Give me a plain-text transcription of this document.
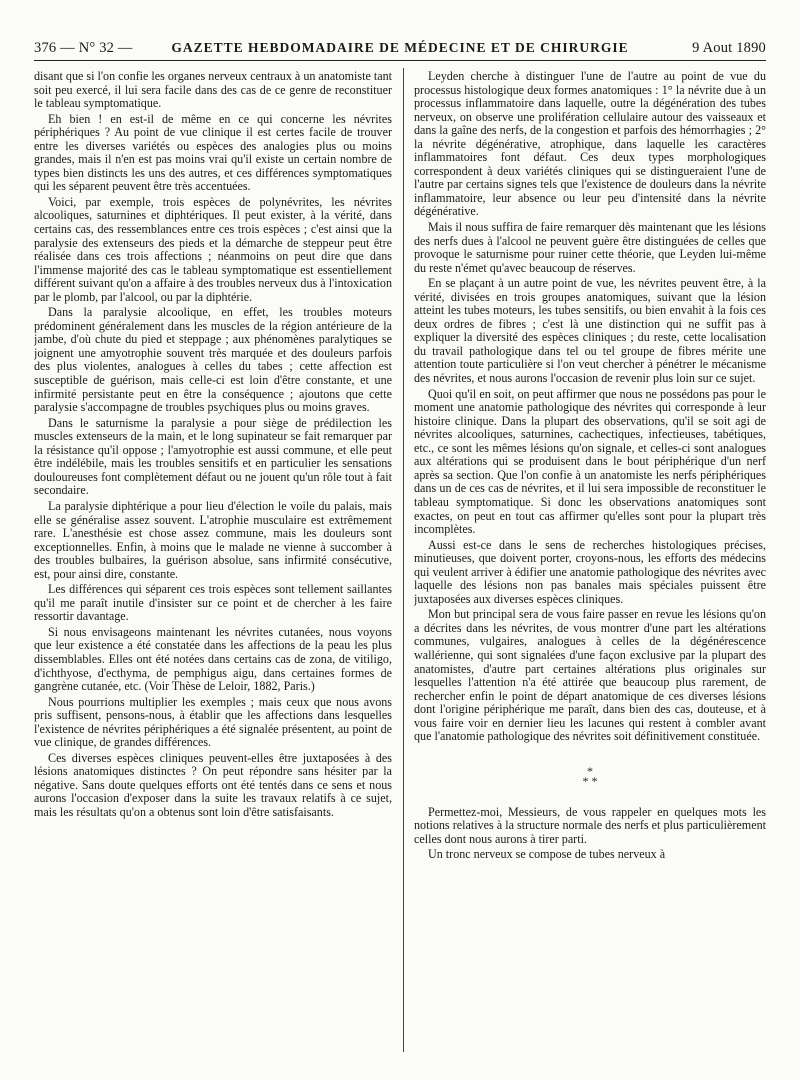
376 — N° 32 —	GAZETTE HEBDOMADAIRE DE MÉDECINE ET DE CHIRURGIE	9 Aout 1890

disant que si l'on confie les organes nerveux centraux à un anatomiste tant soit peu exercé, il lui sera facile dans des cas de ce genre de reconstituer le tableau symptomatique.

Eh bien ! en est-il de même en ce qui concerne les névrites périphériques ? Au point de vue clinique il est certes facile de trouver entre les diverses variétés ou espèces des analogies plus ou moins grandes, mais il n'en est pas moins vrai qu'il existe un certain nombre de types bien distincts les uns des autres, et ces différences symptomatiques qui les séparent peuvent être très accentuées.

Voici, par exemple, trois espèces de polynévrites, les névrites alcooliques, saturnines et diphtériques. Il peut exister, à la vérité, dans certains cas, des ressemblances entre ces trois espèces ; c'est ainsi que la paralysie des extenseurs des pieds et la démarche de steppeur peut être réalisée dans ces trois affections ; néanmoins on peut dire que dans l'immense majorité des cas le tableau symptomatique est essentiellement différent suivant qu'on a affaire à des troubles nerveux dus à l'intoxication par le plomb, par l'alcool, ou par la diphtérie.

Dans la paralysie alcoolique, en effet, les troubles moteurs prédominent généralement dans les muscles de la région antérieure de la jambe, d'où chute du pied et steppage ; aux phénomènes paralytiques se joignent une amyotrophie souvent très marquée et des douleurs parfois des plus violentes, analogues à celles du tabes ; cette affection est susceptible de guérison, mais celle-ci est loin d'être constante, et une infirmité persistante peut en être la conséquence ; ajoutons que cette paralysie s'accompagne de troubles psychiques plus ou moins graves.

Dans le saturnisme la paralysie a pour siège de prédilection les muscles extenseurs de la main, et le long supinateur se fait remarquer par la résistance qu'il oppose ; l'amyotrophie est aussi commune, et elle peut être indélébile, mais les troubles sensitifs et en particulier les sensations douloureuses font complètement défaut ou ne jouent qu'un rôle tout à fait secondaire.

La paralysie diphtérique a pour lieu d'élection le voile du palais, mais elle se généralise assez souvent. L'atrophie musculaire est extrêmement rare. L'anesthésie est chose assez commune, mais les douleurs sont exceptionnelles. Enfin, à moins que le malade ne vienne à succomber à des troubles bulbaires, la guérison absolue, sans infirmité consécutive, est, pour ainsi dire, constante.

Les différences qui séparent ces trois espèces sont tellement saillantes qu'il me paraît inutile d'insister sur ce point et de chercher à les faire ressortir davantage.

Si nous envisageons maintenant les névrites cutanées, nous voyons que leur existence a été constatée dans les affections de la peau les plus dissemblables. Elles ont été notées dans certains cas de zona, de vitiligo, d'ichthyose, d'ecthyma, de pemphigus aigu, dans certaines formes de gangrène cutanée, etc. (Voir Thèse de Leloir, 1882, Paris.)

Nous pourrions multiplier les exemples ; mais ceux que nous avons pris suffisent, pensons-nous, à établir que les affections dans lesquelles l'existence de névrites périphériques a été signalée présentent, au point de vue clinique, de grandes différences.

Ces diverses espèces cliniques peuvent-elles être juxtaposées à des lésions anatomiques distinctes ? On peut répondre sans hésiter par la négative. Sans doute quelques efforts ont été tentés dans ce sens et nous aurons l'occasion d'exposer dans la suite les travaux relatifs à ce sujet, mais les résultats qu'on a obtenus sont loin d'être satisfaisants.

Leyden cherche à distinguer l'une de l'autre au point de vue du processus histologique deux formes anatomiques : 1° la névrite due à un processus inflammatoire dans laquelle, outre la dégénération des tubes nerveux, on observe une prolifération cellulaire autour des vaisseaux et dans la gaîne des nerfs, de la congestion et parfois des hémorrhagies ; 2° la névrite dégénérative, atrophique, dans laquelle les caractères inflammatoires font défaut. Ces deux types morphologiques correspondent à deux variétés cliniques qui se distingueraient l'une de l'autre par certains signes tels que l'existence de douleurs dans la névrite inflammatoire, leur absence ou leur peu d'intensité dans la névrite dégénérative.

Mais il nous suffira de faire remarquer dès maintenant que les lésions des nerfs dues à l'alcool ne peuvent guère être distinguées de celles que provoque le saturnisme pour ruiner cette théorie, que Leyden lui-même du reste n'émet qu'avec beaucoup de réserves.

En se plaçant à un autre point de vue, les névrites peuvent être, à la vérité, divisées en trois groupes anatomiques, suivant que la lésion atteint les tubes moteurs, les tubes sensitifs, ou bien envahit à la fois ces deux ordres de fibres ; c'est là une distinction qui ne suffit pas à expliquer la diversité des espèces cliniques ; du reste, cette localisation du travail pathologique dans tel ou tel groupe de fibres mérite une attention toute particulière si l'on veut chercher à pénétrer le mécanisme des névrites, et nous aurons l'occasion de revenir plus loin sur ce sujet.

Quoi qu'il en soit, on peut affirmer que nous ne possédons pas pour le moment une anatomie pathologique des névrites qui corresponde à leur histoire clinique. Dans la plupart des observations, qu'il se soit agi de névrites alcooliques, saturnines, cachectiques, infectieuses, tabétiques, etc., ce sont les mêmes lésions qu'on signale, et celles-ci sont analogues aux altérations qui se produisent dans le bout périphérique d'un nerf après sa section. Que l'on confie à un anatomiste les nerfs périphériques dans un de ces cas de névrites, et il lui sera impossible de reconstituer le tableau symptomatique. Si donc les observations anatomiques sont exactes, on peut en tout cas affirmer qu'elles sont pour la plupart très incomplètes.

Aussi est-ce dans le sens de recherches histologiques précises, minutieuses, que doivent porter, croyons-nous, les efforts des médecins qui veulent arriver à édifier une anatomie pathologique des névrites avec laquelle des lésions non pas banales mais spéciales puissent être juxtaposées aux diverses espèces cliniques.

Mon but principal sera de vous faire passer en revue les lésions qu'on a décrites dans les névrites, de vous montrer d'une part les altérations communes, vulgaires, analogues à celles de la dégénérescence wallérienne, qui sont signalées d'une façon exclusive par la plupart des anatomistes, d'autre part certaines altérations plus originales sur lesquelles l'attention n'a été attirée que beaucoup plus rarement, de rechercher enfin le point de départ anatomique de ces diverses lésions dont l'origine périphérique me paraît, dans bien des cas, douteuse, et à vous faire voir en dernier lieu les lacunes qui restent à combler avant que l'anatomie pathologique des névrites soit définitivement constituée.

*
* *

Permettez-moi, Messieurs, de vous rappeler en quelques mots les notions relatives à la structure normale des nerfs et plus particulièrement celles dont nous aurons à tirer parti.

Un tronc nerveux se compose de tubes nerveux à
